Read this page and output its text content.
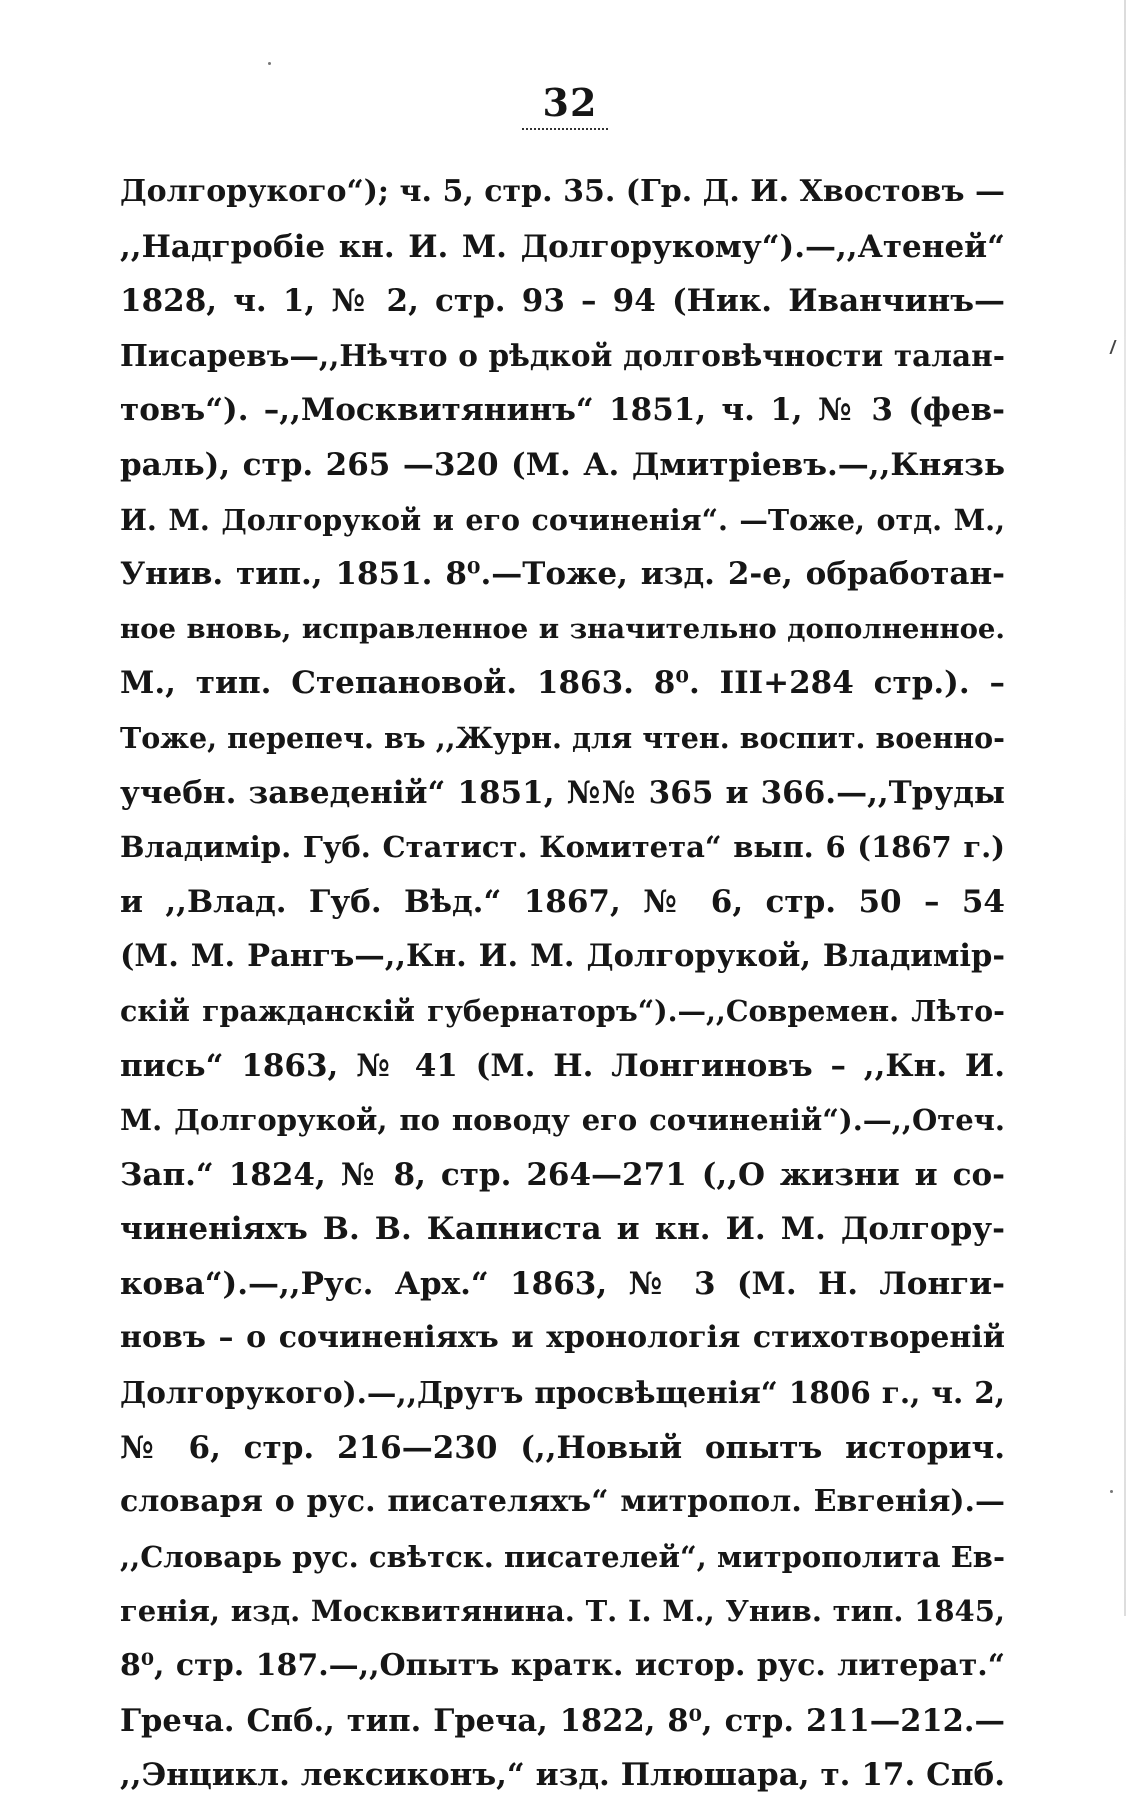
32
Долгорукого“); ч. 5, стр. 35. (Гр. Д. И. Хвостовъ —
,,Надгробіе кн. И. М. Долгорукому“).—,,Атеней“
1828, ч. 1, № 2, стр. 93 – 94 (Ник. Иванчинъ—
Писаревъ—,,Нѣчто о рѣдкой долговѣчности талан-
товъ“). –,,Москвитянинъ“ 1851, ч. 1, № 3 (фев-
раль), стр. 265 —320 (М. А. Дмитріевъ.—,,Князь
И. М. Долгорукой и его сочиненія“. —Тоже, отд. М.,
Унив. тип., 1851. 8⁰.—Тоже, изд. 2-е, обработан-
ное вновь, исправленное и значительно дополненное.
М., тип. Степановой. 1863. 8⁰. III+284 стр.). –
Тоже, перепеч. въ ,,Журн. для чтен. воспит. военно-
учебн. заведеній“ 1851, №№ 365 и 366.—,,Труды
Владимір. Губ. Статист. Комитета“ вып. 6 (1867 г.)
и ,,Влад. Губ. Вѣд.“ 1867, № 6, стр. 50 – 54
(М. М. Рангъ—,,Кн. И. М. Долгорукой, Владимір-
скій гражданскій губернаторъ“).—,,Современ. Лѣто-
пись“ 1863, № 41 (М. Н. Лонгиновъ – ,,Кн. И.
М. Долгорукой, по поводу его сочиненій“).—,,Отеч.
Зап.“ 1824, № 8, стр. 264—271 (,,О жизни и со-
чиненіяхъ В. В. Капниста и кн. И. М. Долгору-
кова“).—,,Рус. Арх.“ 1863, № 3 (М. Н. Лонги-
новъ – о сочиненіяхъ и хронологія стихотвореній
Долгорукого).—,,Другъ просвѣщенія“ 1806 г., ч. 2,
№ 6, стр. 216—230 (,,Новый опытъ историч.
словаря о рус. писателяхъ“ митропол. Евгенія).—
,,Словарь рус. свѣтск. писателей“, митрополита Ев-
генія, изд. Москвитянина. Т. I. М., Унив. тип. 1845,
8⁰, стр. 187.—,,Опытъ кратк. истор. рус. литерат.“
Греча. Спб., тип. Греча, 1822, 8⁰, стр. 211—212.—
,,Энцикл. лексиконъ,“ изд. Плюшара, т. 17. Спб.
